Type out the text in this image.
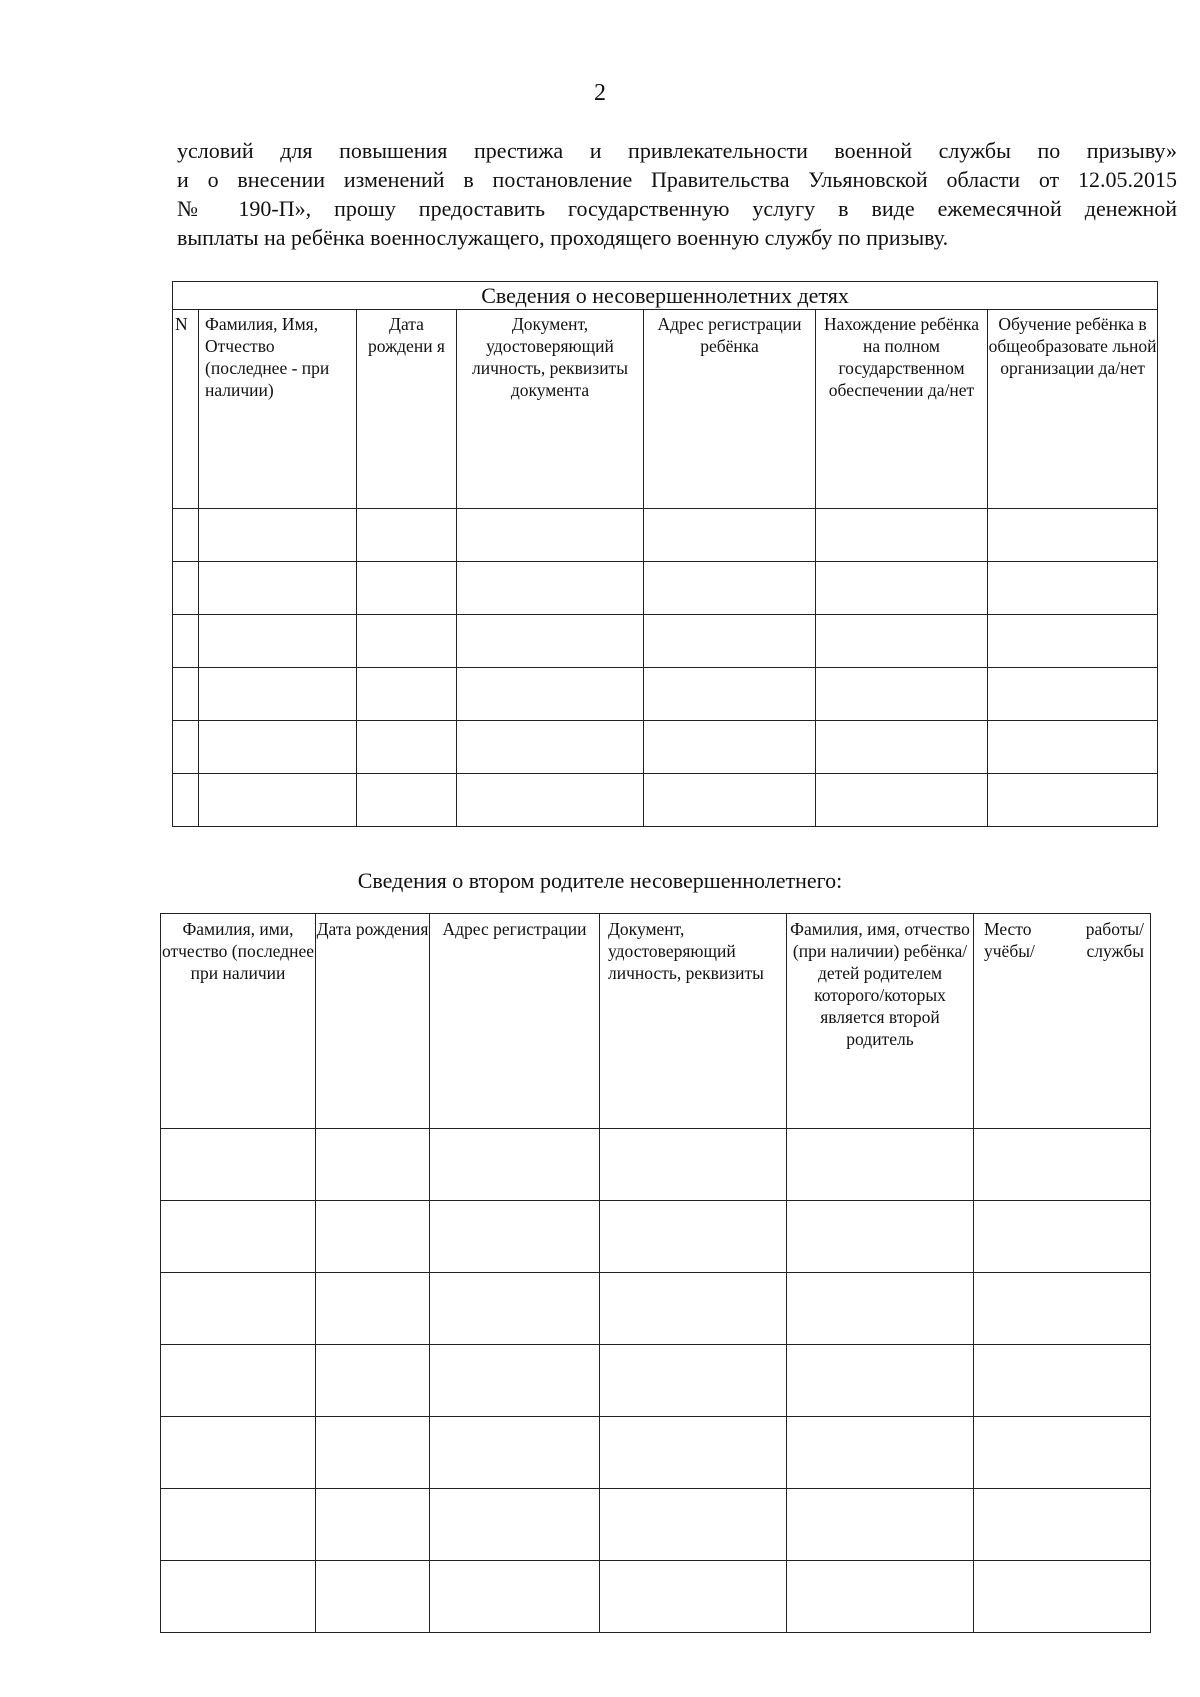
2
условий для повышения престижа и привлекательности военной службы по призыву»
и о внесении изменений в постановление Правительства Ульяновской области от 12.05.2015
№ 190-П», прошу предоставить государственную услугу в виде ежемесячной денежной
выплаты на ребёнка военнослужащего, проходящего военную службу по призыву.
Сведения о несовершеннолетних детях						
N	Фамилия, Имя, Отчество (последнее - при наличии)	Дата рождени я	Документ, удостоверяющий личность, реквизиты документа	Адрес регистрации ребёнка	Нахождение ребёнка на полном государственном обеспечении да/нет	Обучение ребёнка в общеобразовате льной организации да/нет

Сведения о втором родителе несовершеннолетнего:
Фамилия, ими, отчество (последнее при наличии	Дата рождения	Адрес регистрации	Документ, удостоверяющий личность, реквизиты	Фамилия, имя, отчество (при наличии) ребёнка/ детей родителем которого/которых является второй родитель	Место работы/ учёбы/ службы
